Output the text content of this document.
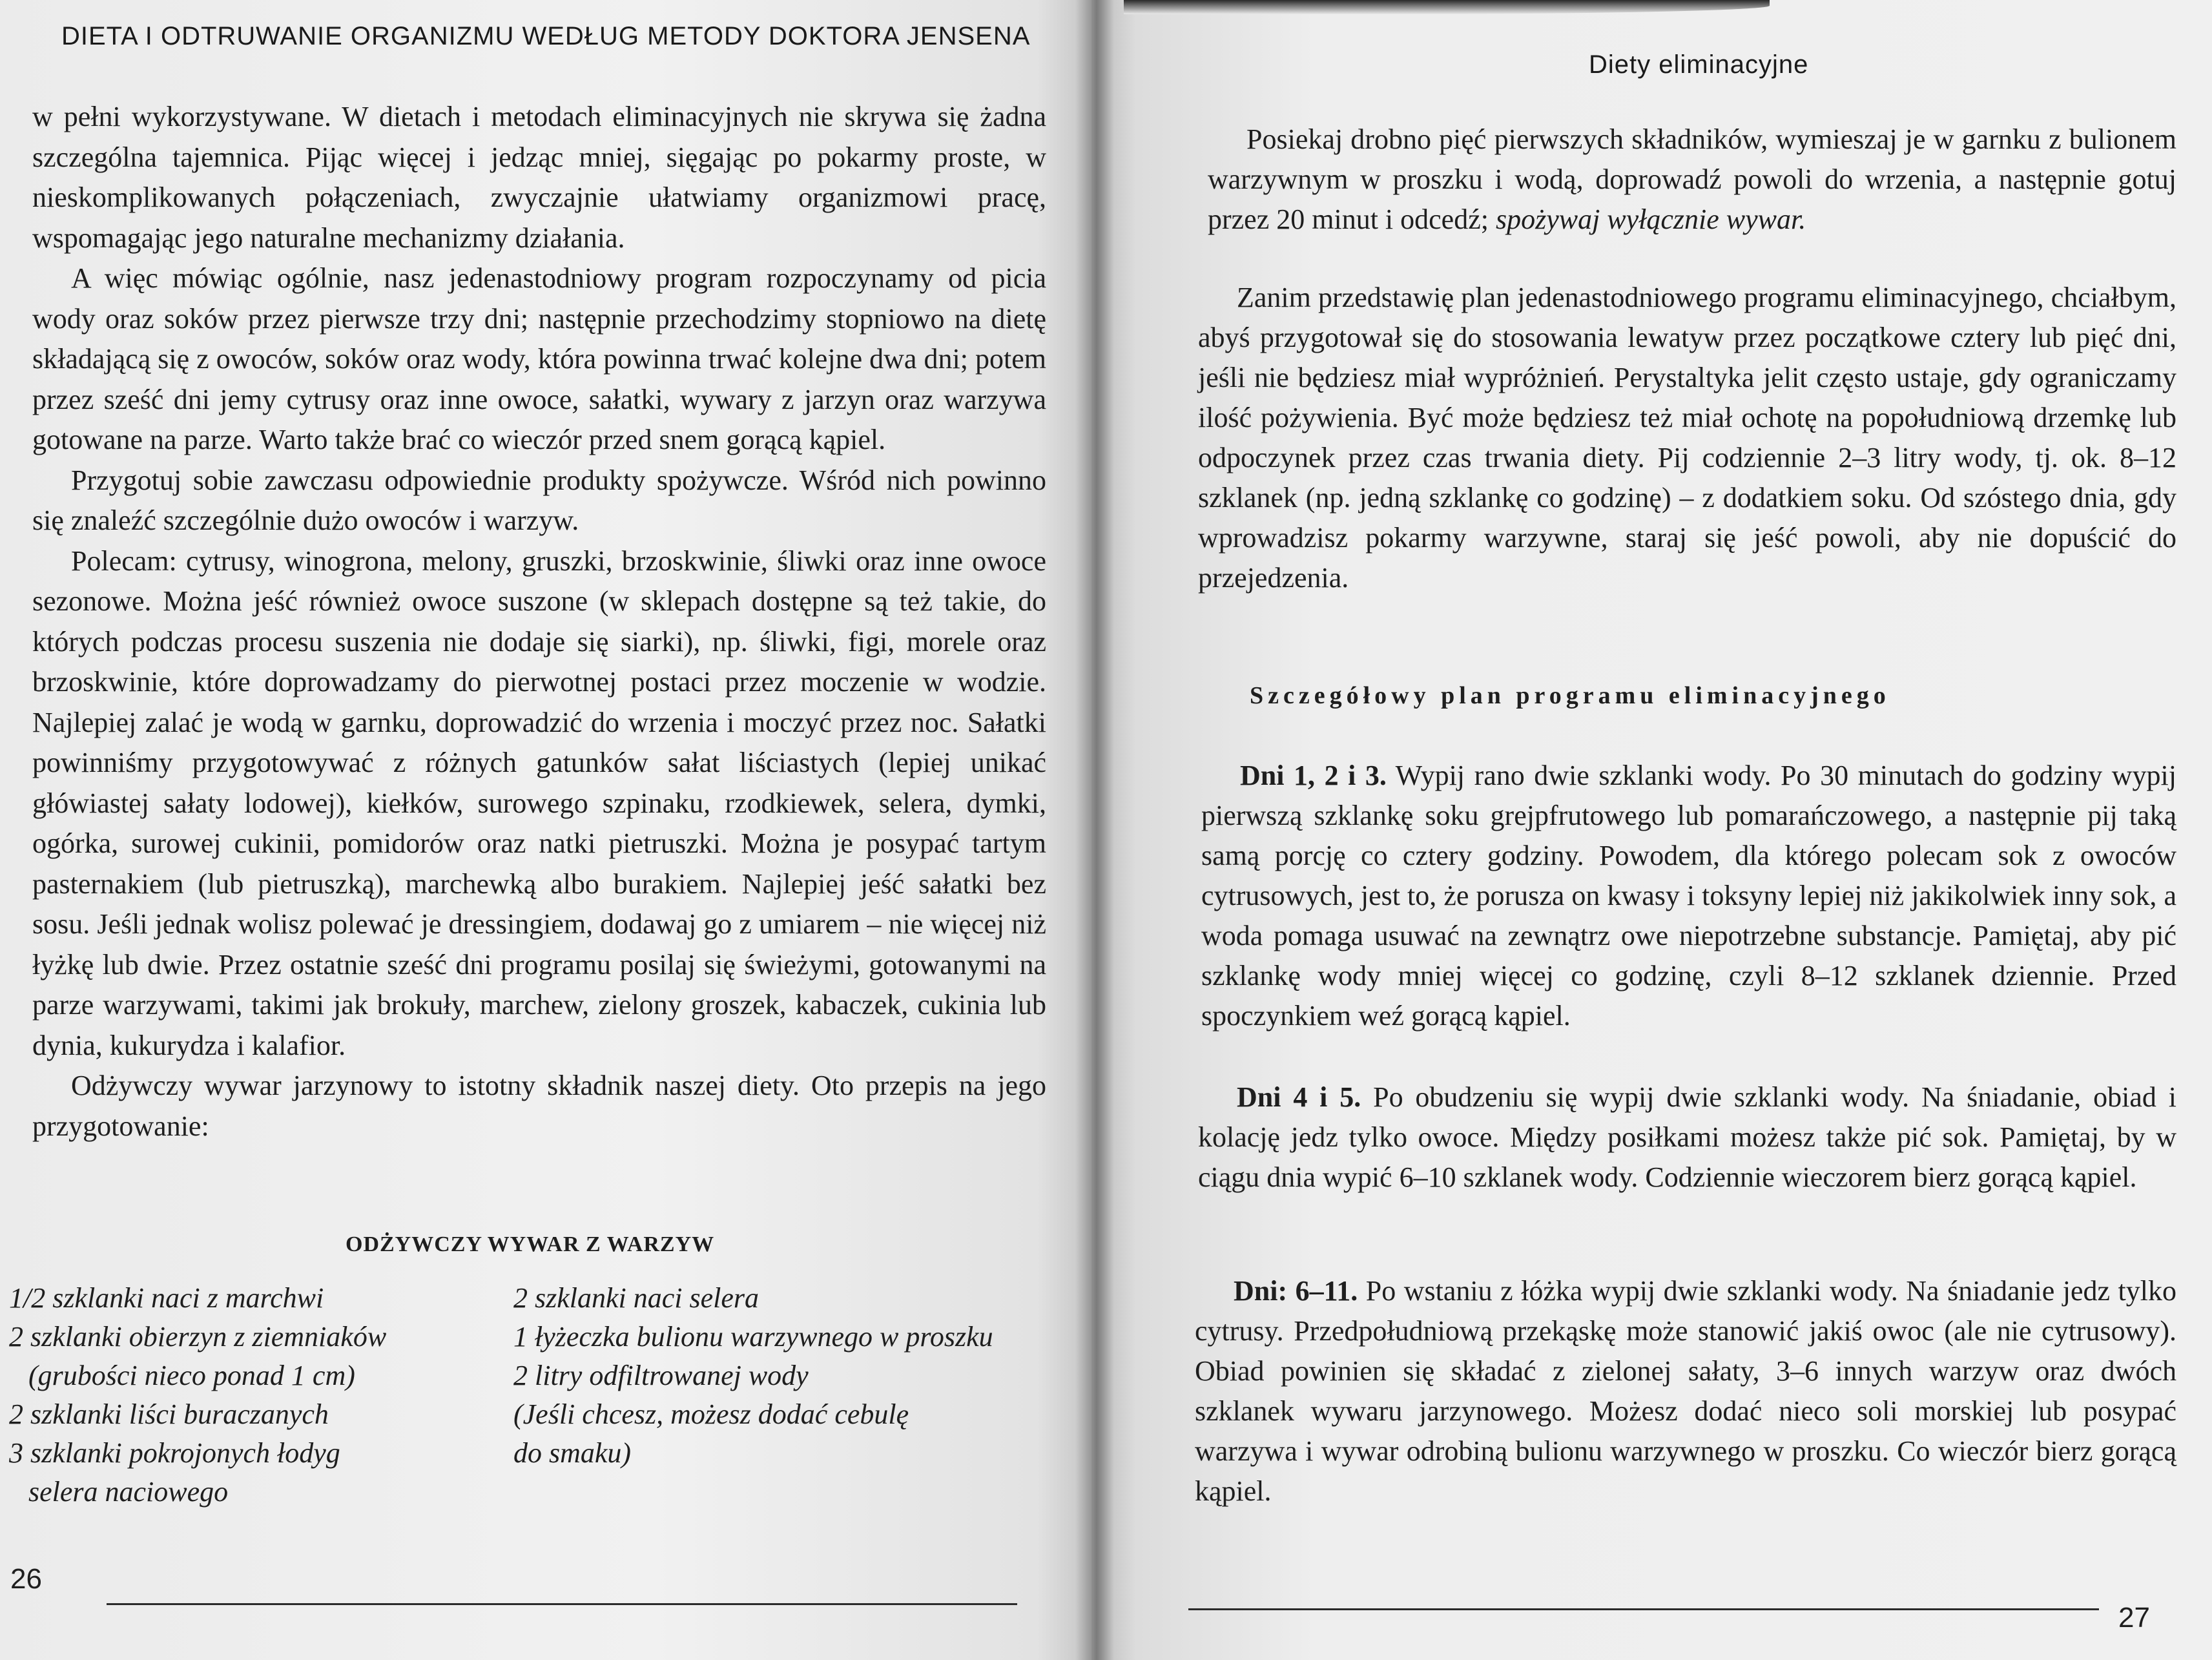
DIETA I ODTRUWANIE ORGANIZMU WEDŁUG METODY DOKTORA JENSENA

w pełni wykorzystywane. W dietach i metodach eliminacyjnych nie skrywa się żadna szczególna tajemnica. Pijąc więcej i jedząc mniej, sięgając po pokarmy proste, w nieskomplikowanych połączeniach, zwyczajnie ułatwiamy organizmowi pracę, wspomagając jego naturalne mechanizmy działania.

A więc mówiąc ogólnie, nasz jedenastodniowy program rozpoczynamy od picia wody oraz soków przez pierwsze trzy dni; następnie przechodzimy stopniowo na dietę składającą się z owoców, soków oraz wody, która powinna trwać kolejne dwa dni; potem przez sześć dni jemy cytrusy oraz inne owoce, sałatki, wywary z jarzyn oraz warzywa gotowane na parze. Warto także brać co wieczór przed snem gorącą kąpiel.

Przygotuj sobie zawczasu odpowiednie produkty spożywcze. Wśród nich powinno się znaleźć szczególnie dużo owoców i warzyw.

Polecam: cytrusy, winogrona, melony, gruszki, brzoskwinie, śliwki oraz inne owoce sezonowe. Można jeść również owoce suszone (w sklepach dostępne są też takie, do których podczas procesu suszenia nie dodaje się siarki), np. śliwki, figi, morele oraz brzoskwinie, które doprowadzamy do pierwotnej postaci przez moczenie w wodzie. Najlepiej zalać je wodą w garnku, doprowadzić do wrzenia i moczyć przez noc. Sałatki powinniśmy przygotowywać z różnych gatunków sałat liściastych (lepiej unikać główiastej sałaty lodowej), kiełków, surowego szpinaku, rzodkiewek, selera, dymki, ogórka, surowej cukinii, pomidorów oraz natki pietruszki. Można je posypać tartym pasternakiem (lub pietruszką), marchewką albo burakiem. Najlepiej jeść sałatki bez sosu. Jeśli jednak wolisz polewać je dressingiem, dodawaj go z umiarem – nie więcej niż łyżkę lub dwie. Przez ostatnie sześć dni programu posilaj się świeżymi, gotowanymi na parze warzywami, takimi jak brokuły, marchew, zielony groszek, kabaczek, cukinia lub dynia, kukurydza i kalafior.

Odżywczy wywar jarzynowy to istotny składnik naszej diety. Oto przepis na jego przygotowanie:

ODŻYWCZY WYWAR Z WARZYW
1/2 szklanki naci z marchwi
2 szklanki obierzyn z ziemniaków
(grubości nieco ponad 1 cm)
2 szklanki liści buraczanych
3 szklanki pokrojonych łodyg
selera naciowego
2 szklanki naci selera
1 łyżeczka bulionu warzywnego w proszku
2 litry odfiltrowanej wody
(Jeśli chcesz, możesz dodać cebulę
do smaku)
26
Diety eliminacyjne
Posiekaj drobno pięć pierwszych składników, wymieszaj je w garnku z bulionem warzywnym w proszku i wodą, doprowadź powoli do wrzenia, a następnie gotuj przez 20 minut i odcedź; spożywaj wyłącznie wywar.
Zanim przedstawię plan jedenastodniowego programu eliminacyjnego, chciałbym, abyś przygotował się do stosowania lewatyw przez początkowe cztery lub pięć dni, jeśli nie będziesz miał wypróżnień. Perystaltyka jelit często ustaje, gdy ograniczamy ilość pożywienia. Być może będziesz też miał ochotę na popołudniową drzemkę lub odpoczynek przez czas trwania diety. Pij codziennie 2–3 litry wody, tj. ok. 8–12 szklanek (np. jedną szklankę co godzinę) – z dodatkiem soku. Od szóstego dnia, gdy wprowadzisz pokarmy warzywne, staraj się jeść powoli, aby nie dopuścić do przejedzenia.
Szczegółowy plan programu eliminacyjnego
Dni 1, 2 i 3. Wypij rano dwie szklanki wody. Po 30 minutach do godziny wypij pierwszą szklankę soku grejpfrutowego lub pomarańczowego, a następnie pij taką samą porcję co cztery godziny. Powodem, dla którego polecam sok z owoców cytrusowych, jest to, że porusza on kwasy i toksyny lepiej niż jakikolwiek inny sok, a woda pomaga usuwać na zewnątrz owe niepotrzebne substancje. Pamiętaj, aby pić szklankę wody mniej więcej co godzinę, czyli 8–12 szklanek dziennie. Przed spoczynkiem weź gorącą kąpiel.
Dni 4 i 5. Po obudzeniu się wypij dwie szklanki wody. Na śniadanie, obiad i kolację jedz tylko owoce. Między posiłkami możesz także pić sok. Pamiętaj, by w ciągu dnia wypić 6–10 szklanek wody. Codziennie wieczorem bierz gorącą kąpiel.
Dni: 6–11. Po wstaniu z łóżka wypij dwie szklanki wody. Na śniadanie jedz tylko cytrusy. Przedpołudniową przekąskę może stanowić jakiś owoc (ale nie cytrusowy). Obiad powinien się składać z zielonej sałaty, 3–6 innych warzyw oraz dwóch szklanek wywaru jarzynowego. Możesz dodać nieco soli morskiej lub posypać warzywa i wywar odrobiną bulionu warzywnego w proszku. Co wieczór bierz gorącą kąpiel.
27
